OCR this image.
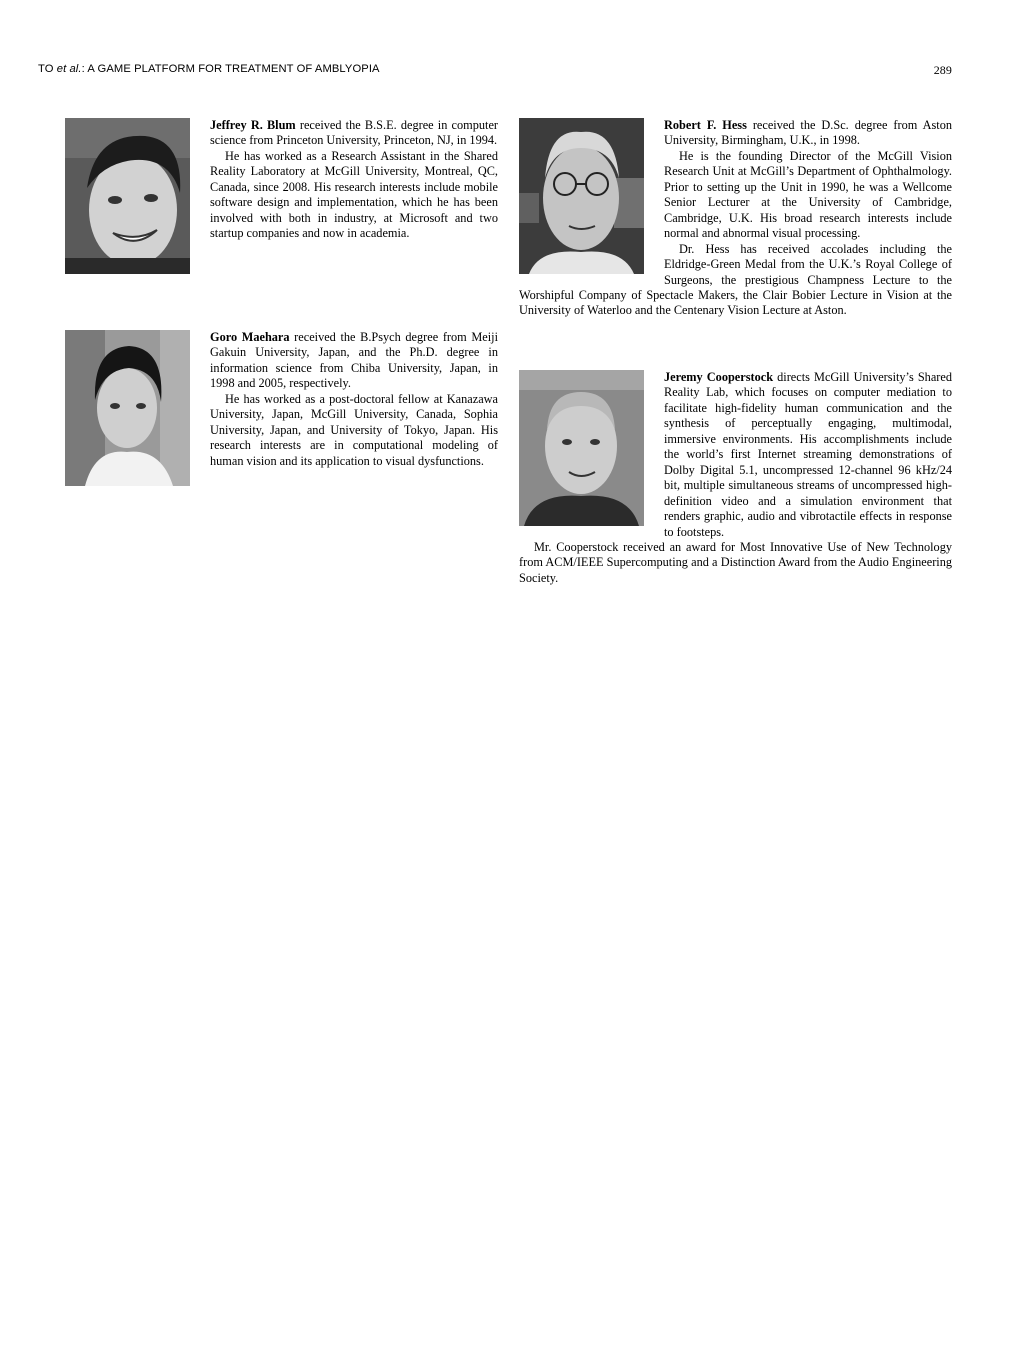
TO et al.: A GAME PLATFORM FOR TREATMENT OF AMBLYOPIA	289

Jeffrey R. Blum received the B.S.E. degree in computer science from Princeton University, Princeton, NJ, in 1994.

He has worked as a Research Assistant in the Shared Reality Laboratory at McGill University, Montreal, QC, Canada, since 2008. His research interests include mobile software design and implementation, which he has been involved with both in industry, at Microsoft and two startup companies and now in academia.

Goro Maehara received the B.Psych degree from Meiji Gakuin University, Japan, and the Ph.D. degree in information science from Chiba University, Japan, in 1998 and 2005, respectively.

He has worked as a post-doctoral fellow at Kanazawa University, Japan, McGill University, Canada, Sophia University, Japan, and University of Tokyo, Japan. His research interests are in computational modeling of human vision and its application to visual dysfunctions.

Robert F. Hess received the D.Sc. degree from Aston University, Birmingham, U.K., in 1998.

He is the founding Director of the McGill Vision Research Unit at McGill’s Department of Ophthalmology. Prior to setting up the Unit in 1990, he was a Wellcome Senior Lecturer at the University of Cambridge, Cambridge, U.K. His broad research interests include normal and abnormal visual processing.

Dr. Hess has received accolades including the Eldridge-Green Medal from the U.K.’s Royal College of Surgeons, the prestigious Champness Lecture to the Worshipful Company of Spectacle Makers, the Clair Bobier Lecture in Vision at the University of Waterloo and the Centenary Vision Lecture at Aston.

Jeremy Cooperstock directs McGill University’s Shared Reality Lab, which focuses on computer mediation to facilitate high-fidelity human communication and the synthesis of perceptually engaging, multimodal, immersive environments. His accomplishments include the world’s first Internet streaming demonstrations of Dolby Digital 5.1, uncompressed 12-channel 96 kHz/24 bit, multiple simultaneous streams of uncompressed high-definition video and a simulation environment that renders graphic, audio and vibrotactile effects in response to footsteps.

Mr. Cooperstock received an award for Most Innovative Use of New Technology from ACM/IEEE Supercomputing and a Distinction Award from the Audio Engineering Society.
